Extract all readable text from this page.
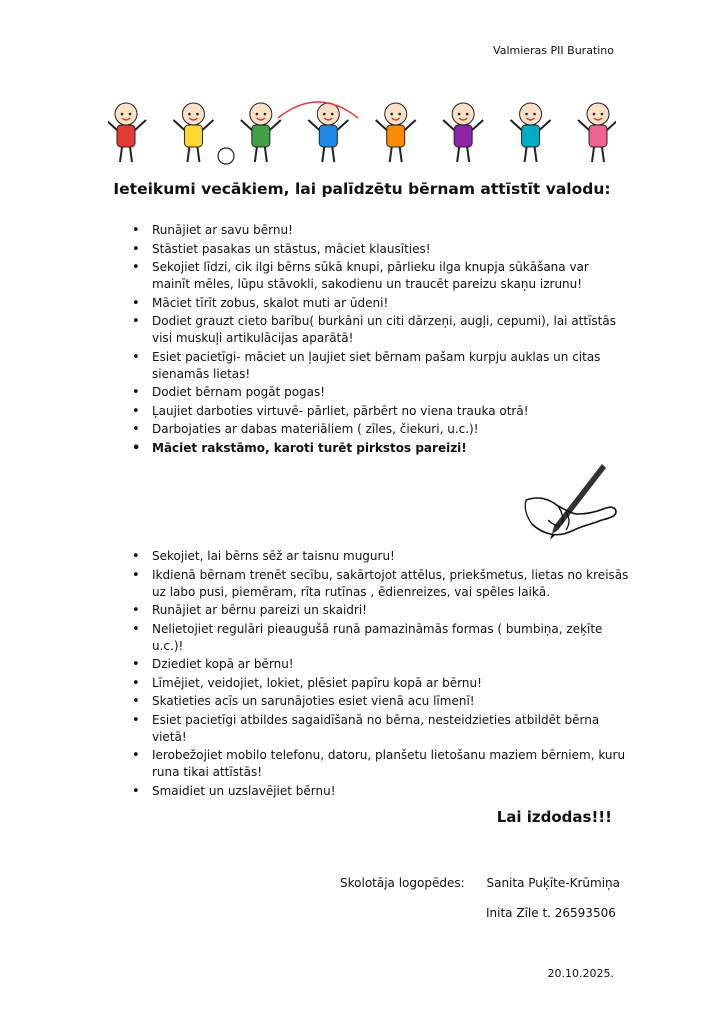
Valmieras PII Buratino
Ieteikumi vecākiem, lai palīdzētu bērnam attīstīt valodu:
• Runājiet ar savu bērnu!
• Stāstiet pasakas un stāstus, māciet klausīties!
• Sekojiet līdzi, cik ilgi bērns sūkā knupi, pārlieku ilga knupja sūkāšana var mainīt mēles, lūpu stāvokli, sakodienu un traucēt pareizu skaņu izrunu!
• Māciet tīrīt zobus, skalot muti ar ūdeni!
• Dodiet grauzt cieto barību( burkāni un citi dārzeņi, augļi, cepumi), lai attīstās visi muskuļi artikulācijas aparātā!
• Esiet pacietīgi- māciet un ļaujiet siet bērnam pašam kurpju auklas un citas sienamās lietas!
• Dodiet bērnam pogāt pogas!
• Ļaujiet darboties virtuvē- pārliet, pārbērt no viena trauka otrā!
• Darbojaties ar dabas materiāliem ( zīles, čiekuri, u.c.)!
• Māciet rakstāmo, karoti turēt pirkstos pareizi!
• Sekojiet, lai bērns sēž ar taisnu muguru!
• Ikdienā bērnam trenēt secību, sakārtojot attēlus, priekšmetus, lietas no kreisās uz labo pusi, piemēram, rīta rutīnas , ēdienreizes, vai spēles laikā.
• Runājiet ar bērnu pareizi un skaidri!
• Nelietojiet regulāri pieaugušā runā pamazināmās formas ( bumbiņa, zeķīte u.c.)!
• Dziediet kopā ar bērnu!
• Līmējiet, veidojiet, lokiet, plēsiet papīru kopā ar bērnu!
• Skatieties acīs un sarunājoties esiet vienā acu līmenī!
• Esiet pacietīgi atbildes sagaidīšanā no bērna, nesteidzieties atbildēt bērna vietā!
• Ierobežojiet mobilo telefonu, datoru, planšetu lietošanu maziem bērniem, kuru runa tikai attīstās!
• Smaidiet un uzslavējiet bērnu!
Lai izdodas!!!
Skolotāja logopēdes: Sanita Puķīte-Krūmiņa
Inita Zīle t. 26593506
20.10.2025.
